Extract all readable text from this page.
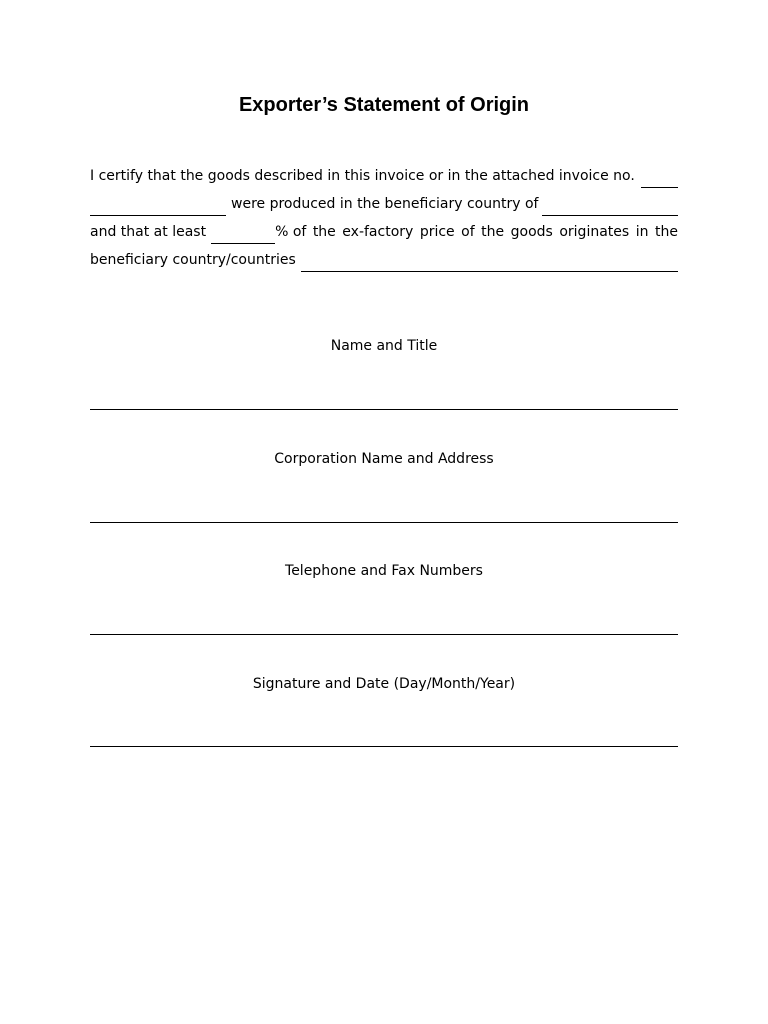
Exporter’s Statement of Origin
I certify that the goods described in this invoice or in the attached invoice no.
were produced in the beneficiary country of
and that at least	% of the ex-factory price of the goods originates in the
beneficiary country/countries
Name and Title
Corporation Name and Address
Telephone and Fax Numbers
Signature and Date (Day/Month/Year)
